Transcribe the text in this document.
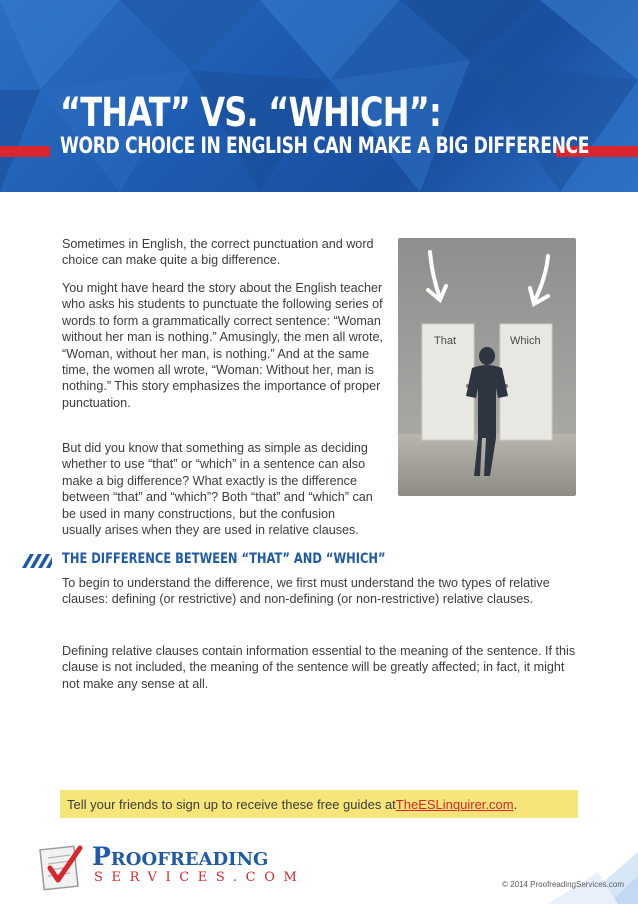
“THAT” VS. “WHICH”:
WORD CHOICE IN ENGLISH CAN MAKE A BIG DIFFERENCE

Sometimes in English, the correct punctuation and word choice can make quite a big difference.

You might have heard the story about the English teacher who asks his students to punctuate the following series of words to form a grammatically correct sentence: “Woman without her man is nothing.” Amusingly, the men all wrote, “Woman, without her man, is nothing.” And at the same time, the women all wrote, “Woman: Without her, man is nothing.” This story emphasizes the importance of proper punctuation.

But did you know that something as simple as deciding whether to use “that” or “which” in a sentence can also make a big difference? What exactly is the difference between “that” and “which”? Both “that” and “which” can be used in many constructions, but the confusion usually arises when they are used in relative clauses.

That	Which
THE DIFFERENCE BETWEEN “THAT” AND “WHICH”

To begin to understand the difference, we first must understand the two types of relative clauses: defining (or restrictive) and non-defining (or non-restrictive) relative clauses.

Defining relative clauses contain information essential to the meaning of the sentence. If this clause is not included, the meaning of the sentence will be greatly affected; in fact, it might not make any sense at all.

Tell your friends to sign up to receive these free guides at TheESLinquirer.com .
Proofreading
SERVICES.COM	© 2014 ProofreadingServices.com
